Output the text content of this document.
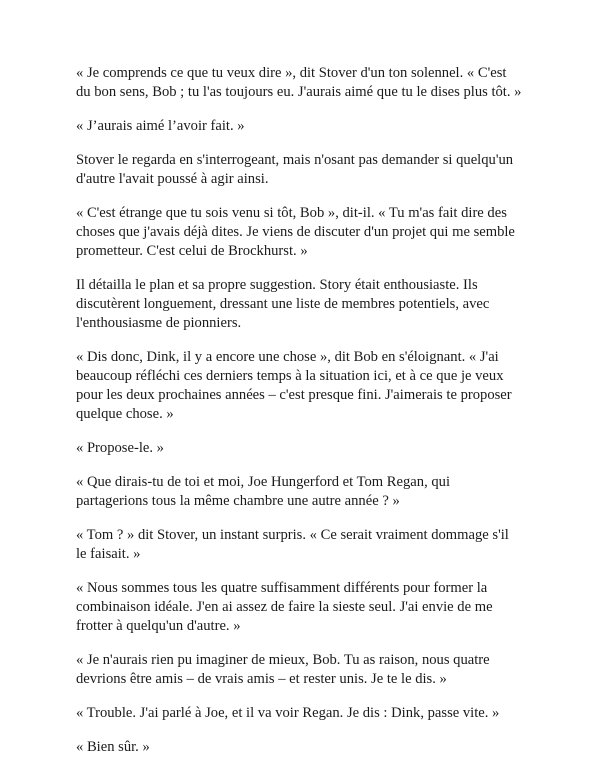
« Je comprends ce que tu veux dire », dit Stover d'un ton solennel. « C'est
du bon sens, Bob ; tu l'as toujours eu. J'aurais aimé que tu le dises plus tôt. »

« J’aurais aimé l’avoir fait. »

Stover le regarda en s'interrogeant, mais n'osant pas demander si quelqu'un
d'autre l'avait poussé à agir ainsi.

« C'est étrange que tu sois venu si tôt, Bob », dit-il. « Tu m'as fait dire des
choses que j'avais déjà dites. Je viens de discuter d'un projet qui me semble
prometteur. C'est celui de Brockhurst. »

Il détailla le plan et sa propre suggestion. Story était enthousiaste. Ils
discutèrent longuement, dressant une liste de membres potentiels, avec
l'enthousiasme de pionniers.

« Dis donc, Dink, il y a encore une chose », dit Bob en s'éloignant. « J'ai
beaucoup réfléchi ces derniers temps à la situation ici, et à ce que je veux
pour les deux prochaines années – c'est presque fini. J'aimerais te proposer
quelque chose. »

« Propose-le. »

« Que dirais-tu de toi et moi, Joe Hungerford et Tom Regan, qui
partagerions tous la même chambre une autre année ? »

« Tom ? » dit Stover, un instant surpris. « Ce serait vraiment dommage s'il
le faisait. »

« Nous sommes tous les quatre suffisamment différents pour former la
combinaison idéale. J'en ai assez de faire la sieste seul. J'ai envie de me
frotter à quelqu'un d'autre. »

« Je n'aurais rien pu imaginer de mieux, Bob. Tu as raison, nous quatre
devrions être amis – de vrais amis – et rester unis. Je te le dis. »

« Trouble. J'ai parlé à Joe, et il va voir Regan. Je dis : Dink, passe vite. »

« Bien sûr. »
